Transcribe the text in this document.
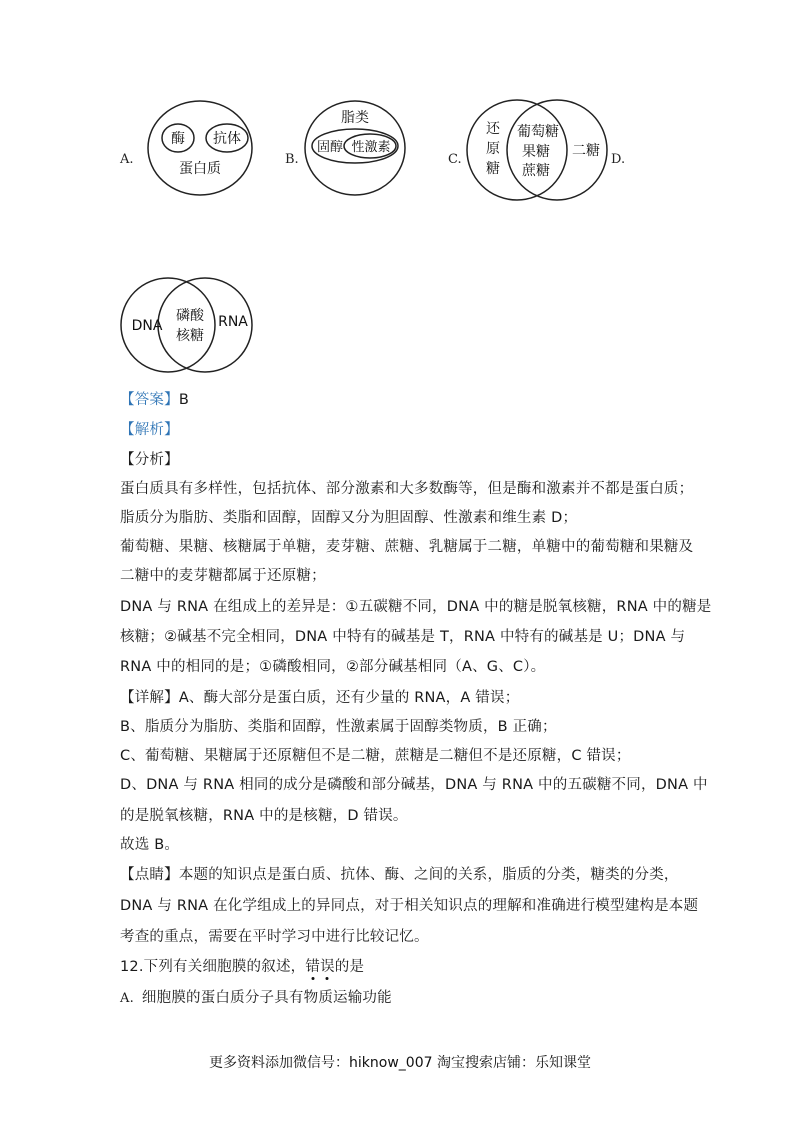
A.
酶 抗体
蛋白质
B.
脂类
固醇 性激素
C.
还
原
糖
葡萄糖
果糖
蔗糖
二糖
D.
DNA
磷酸
核糖
RNA
【答案】B
【解析】
【分析】
蛋白质具有多样性，包括抗体、部分激素和大多数酶等，但是酶和激素并不都是蛋白质；
脂质分为脂肪、类脂和固醇，固醇又分为胆固醇、性激素和维生素 D；
葡萄糖、果糖、核糖属于单糖，麦芽糖、蔗糖、乳糖属于二糖，单糖中的葡萄糖和果糖及
二糖中的麦芽糖都属于还原糖；
DNA 与 RNA 在组成上的差异是：①五碳糖不同，DNA 中的糖是脱氧核糖，RNA 中的糖是
核糖；②碱基不完全相同，DNA 中特有的碱基是 T，RNA 中特有的碱基是 U；DNA 与
RNA 中的相同的是；①磷酸相同，②部分碱基相同（A、G、C）。
【详解】A、酶大部分是蛋白质，还有少量的 RNA，A 错误；
B、脂质分为脂肪、类脂和固醇，性激素属于固醇类物质，B 正确；
C、葡萄糖、果糖属于还原糖但不是二糖，蔗糖是二糖但不是还原糖，C 错误；
D、DNA 与 RNA 相同的成分是磷酸和部分碱基，DNA 与 RNA 中的五碳糖不同，DNA 中
的是脱氧核糖，RNA 中的是核糖，D 错误。
故选 B。
【点睛】本题的知识点是蛋白质、抗体、酶、之间的关系，脂质的分类，糖类的分类，
DNA 与 RNA 在化学组成上的异同点，对于相关知识点的理解和准确进行模型建构是本题
考查的重点，需要在平时学习中进行比较记忆。
12.下列有关细胞膜的叙述，错误的是
A. 细胞膜的蛋白质分子具有物质运输功能
更多资料添加微信号：hiknow_007 淘宝搜索店铺：乐知课堂
